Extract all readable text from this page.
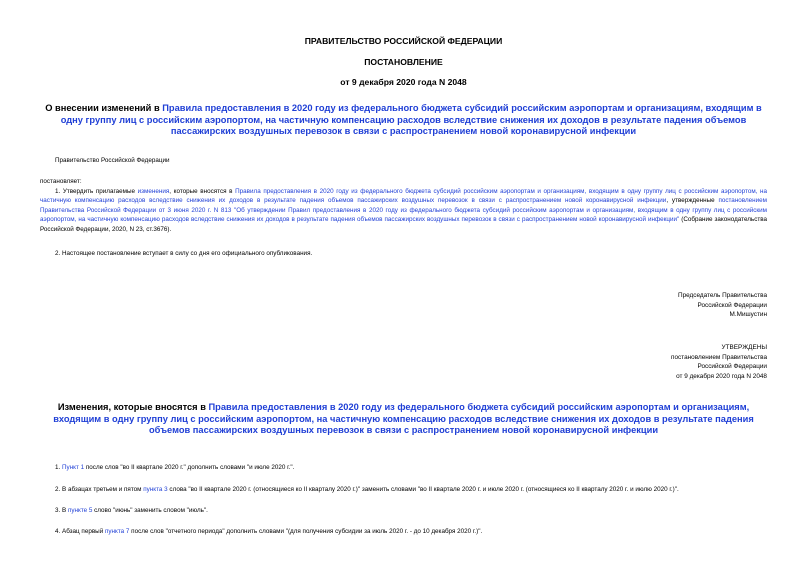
ПРАВИТЕЛЬСТВО РОССИЙСКОЙ ФЕДЕРАЦИИ
ПОСТАНОВЛЕНИЕ
от 9 декабря 2020 года N 2048
О внесении изменений в Правила предоставления в 2020 году из федерального бюджета субсидий российским аэропортам и организациям, входящим в одну группу лиц с российским аэропортом, на частичную компенсацию расходов вследствие снижения их доходов в результате падения объемов пассажирских воздушных перевозок в связи с распространением новой коронавирусной инфекции
Правительство Российской Федерации
постановляет:
1. Утвердить прилагаемые изменения, которые вносятся в Правила предоставления в 2020 году из федерального бюджета субсидий российским аэропортам и организациям, входящим в одну группу лиц с российским аэропортом, на частичную компенсацию расходов вследствие снижения их доходов в результате падения объемов пассажирских воздушных перевозок в связи с распространением новой коронавирусной инфекции, утвержденные постановлением Правительства Российской Федерации от 3 июня 2020 г. N 813 "Об утверждении Правил предоставления в 2020 году из федерального бюджета субсидий российским аэропортам и организациям, входящим в одну группу лиц с российским аэропортом, на частичную компенсацию расходов вследствие снижения их доходов в результате падения объемов пассажирских воздушных перевозок в связи с распространением новой коронавирусной инфекции" (Собрание законодательства Российской Федерации, 2020, N 23, ст.3676).
2. Настоящее постановление вступает в силу со дня его официального опубликования.
Председатель Правительства
Российской Федерации
М.Мишустин
УТВЕРЖДЕНЫ
постановлением Правительства
Российской Федерации
от 9 декабря 2020 года N 2048
Изменения, которые вносятся в Правила предоставления в 2020 году из федерального бюджета субсидий российским аэропортам и организациям, входящим в одну группу лиц с российским аэропортом, на частичную компенсацию расходов вследствие снижения их доходов в результате падения объемов пассажирских воздушных перевозок в связи с распространением новой коронавирусной инфекции
1. Пункт 1 после слов "во II квартале 2020 г." дополнить словами "и июле 2020 г.".
2. В абзацах третьем и пятом пункта 3 слова "во II квартале 2020 г. (относящиеся ко II кварталу 2020 г.)" заменить словами "во II квартале 2020 г. и июле 2020 г. (относящиеся ко II кварталу 2020 г. и июлю 2020 г.)".
3. В пункте 5 слово "июнь" заменить словом "июль".
4. Абзац первый пункта 7 после слов "отчетного периода" дополнить словами "(для получения субсидии за июль 2020 г. - до 10 декабря 2020 г.)".
